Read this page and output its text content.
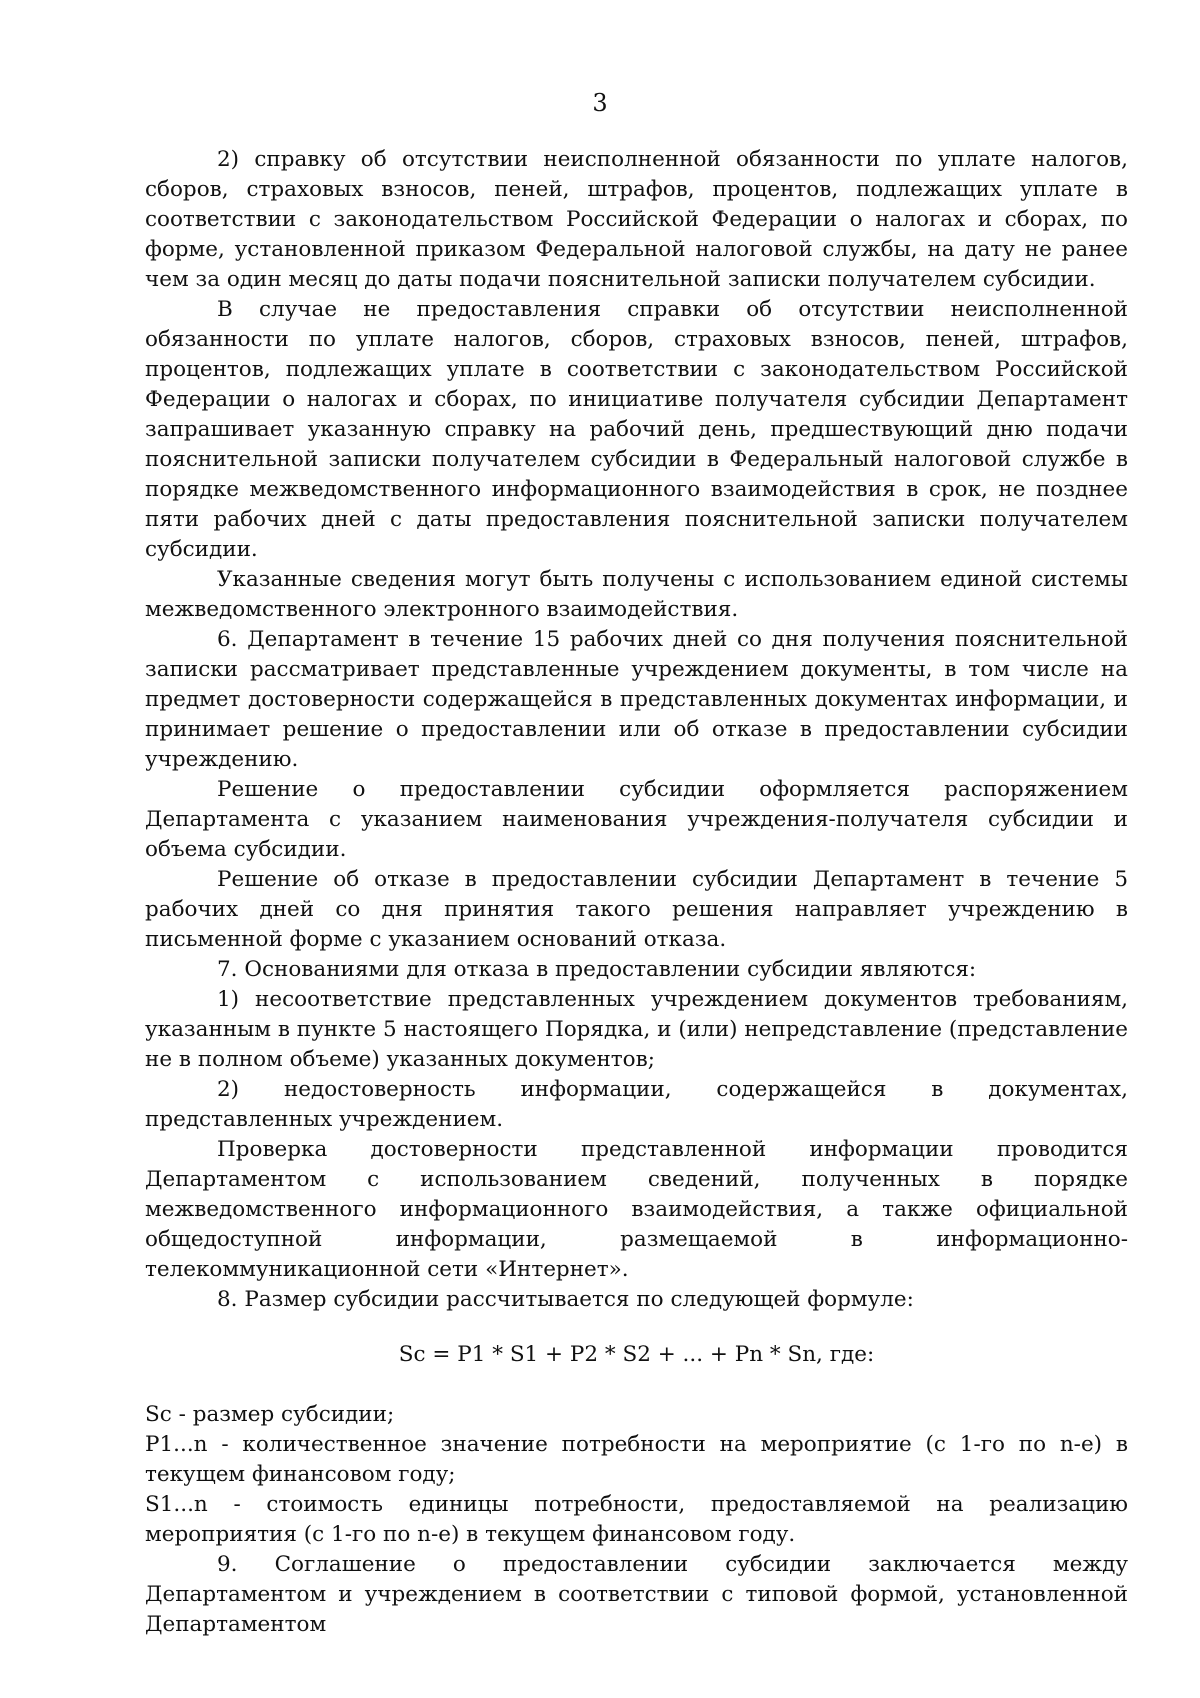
3

2) справку об отсутствии неисполненной обязанности по уплате налогов, сборов, страховых взносов, пеней, штрафов, процентов, подлежащих уплате в соответствии с законодательством Российской Федерации о налогах и сборах, по форме, установленной приказом Федеральной налоговой службы, на дату не ранее чем за один месяц до даты подачи пояснительной записки получателем субсидии.

В случае не предоставления справки об отсутствии неисполненной обязанности по уплате налогов, сборов, страховых взносов, пеней, штрафов, процентов, подлежащих уплате в соответствии с законодательством Российской Федерации о налогах и сборах, по инициативе получателя субсидии Департамент запрашивает указанную справку на рабочий день, предшествующий дню подачи пояснительной записки получателем субсидии в Федеральный налоговой службе в порядке межведомственного информационного взаимодействия в срок, не позднее пяти рабочих дней с даты предоставления пояснительной записки получателем субсидии.

Указанные сведения могут быть получены с использованием единой системы межведомственного электронного взаимодействия.

6. Департамент в течение 15 рабочих дней со дня получения пояснительной записки рассматривает представленные учреждением документы, в том числе на предмет достоверности содержащейся в представленных документах информации, и принимает решение о предоставлении или об отказе в предоставлении субсидии учреждению.

Решение о предоставлении субсидии оформляется распоряжением Департамента с указанием наименования учреждения-получателя субсидии и объема субсидии.

Решение об отказе в предоставлении субсидии Департамент в течение 5 рабочих дней со дня принятия такого решения направляет учреждению в письменной форме с указанием оснований отказа.

7. Основаниями для отказа в предоставлении субсидии являются:

1) несоответствие представленных учреждением документов требованиям, указанным в пункте 5 настоящего Порядка, и (или) непредставление (представление не в полном объеме) указанных документов;

2) недостоверность информации, содержащейся в документах, представленных учреждением.

Проверка достоверности представленной информации проводится Департаментом с использованием сведений, полученных в порядке межведомственного информационного взаимодействия, а также официальной общедоступной информации, размещаемой в информационно-телекоммуникационной сети «Интернет».

8. Размер субсидии рассчитывается по следующей формуле:

Sc = P1 * S1 + P2 * S2 + ... + Pn * Sn, где:

Sc - размер субсидии;

P1...n - количественное значение потребности на мероприятие (с 1-го по n-е) в текущем финансовом году;

S1...n - стоимость единицы потребности, предоставляемой на реализацию мероприятия (с 1-го по n-е) в текущем финансовом году.

9. Соглашение о предоставлении субсидии заключается между Департаментом и учреждением в соответствии с типовой формой, установленной Департаментом
